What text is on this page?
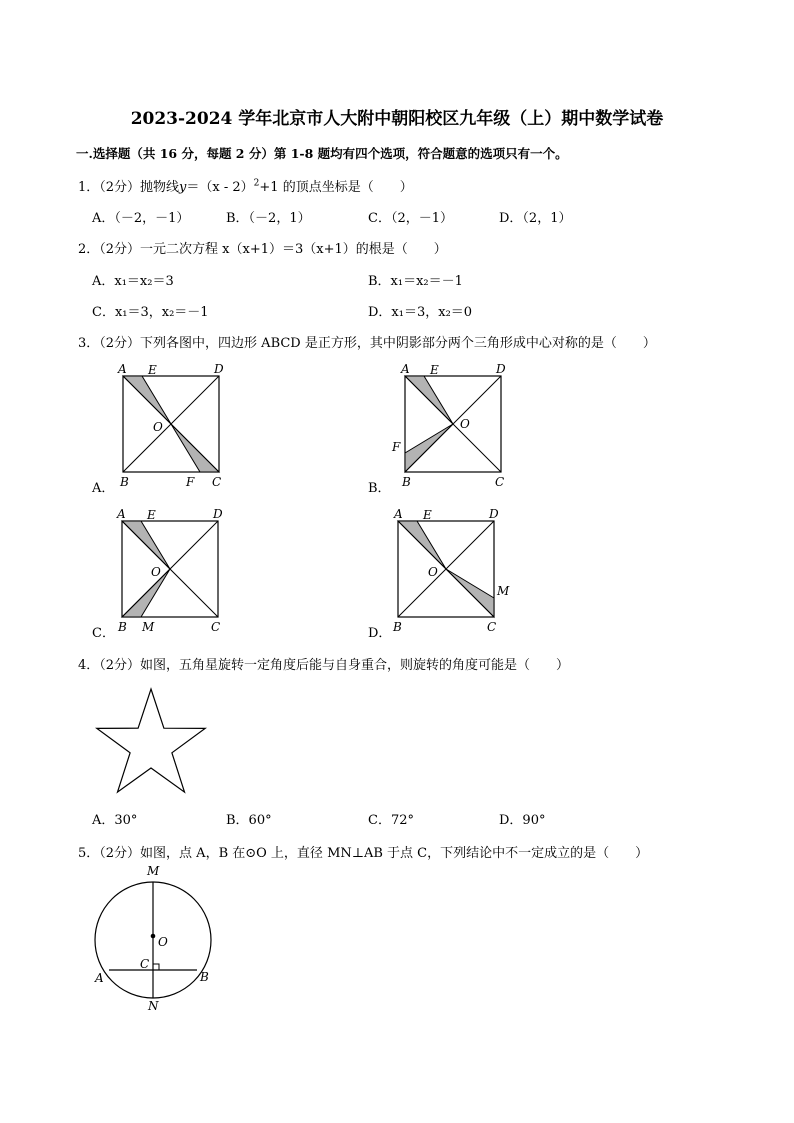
2023-2024 学年北京市人大附中朝阳校区九年级（上）期中数学试卷
一.选择题（共 16 分，每题 2 分）第 1-8 题均有四个选项，符合题意的选项只有一个。
1．（2分）抛物线y＝（x - 2）$^2$+1 的顶点坐标是（　　）
A．（－2，－1）	B．（－2，1）	C．（2，－1）	D．（2，1）
2．（2分）一元二次方程 x（x+1）＝3（x+1）的根是（　　）
A．x₁＝x₂＝3	B．x₁＝x₂＝－1
C．x₁＝3，x₂＝－1	D．x₁＝3，x₂＝0
3．（2分）下列各图中，四边形 ABCD 是正方形，其中阴影部分两个三角形成中心对称的是（　　）
A．
A E	D
O
B	F C	B．
A E	D
O
F
B	C
C．
A E	D
O
B M	C	D．
A E	D
O
M
B	C
4．（2分）如图，五角星旋转一定角度后能与自身重合，则旋转的角度可能是（　　）
A．30°	B．60°	C．72°	D．90°
5．（2分）如图，点 A，B 在⊙O 上，直径 MN⊥AB 于点 C，下列结论中不一定成立的是（　　）
M
O
C
A	B
N
